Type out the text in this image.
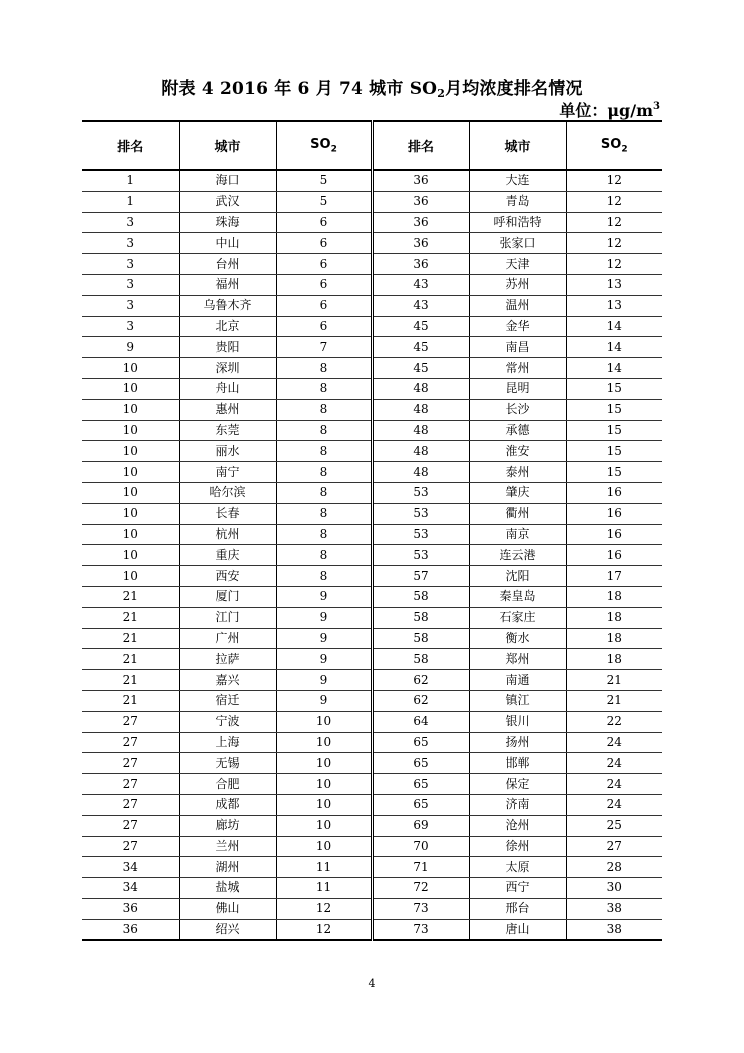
附表 4 2016 年 6 月 74 城市 $SO_2$月均浓度排名情况
单位：$\mu g/m^3$
排名	城市	$SO_2$	排名	城市	$SO_2$
1	海口	5	36	大连	12
1	武汉	5	36	青岛	12
3	珠海	6	36	呼和浩特	12
3	中山	6	36	张家口	12
3	台州	6	36	天津	12
3	福州	6	43	苏州	13
3	乌鲁木齐	6	43	温州	13
3	北京	6	45	金华	14
9	贵阳	7	45	南昌	14
10	深圳	8	45	常州	14
10	舟山	8	48	昆明	15
10	惠州	8	48	长沙	15
10	东莞	8	48	承德	15
10	丽水	8	48	淮安	15
10	南宁	8	48	泰州	15
10	哈尔滨	8	53	肇庆	16
10	长春	8	53	衢州	16
10	杭州	8	53	南京	16
10	重庆	8	53	连云港	16
10	西安	8	57	沈阳	17
21	厦门	9	58	秦皇岛	18
21	江门	9	58	石家庄	18
21	广州	9	58	衡水	18
21	拉萨	9	58	郑州	18
21	嘉兴	9	62	南通	21
21	宿迁	9	62	镇江	21
27	宁波	10	64	银川	22
27	上海	10	65	扬州	24
27	无锡	10	65	邯郸	24
27	合肥	10	65	保定	24
27	成都	10	65	济南	24
27	廊坊	10	69	沧州	25
27	兰州	10	70	徐州	27
34	湖州	11	71	太原	28
34	盐城	11	72	西宁	30
36	佛山	12	73	邢台	38
36	绍兴	12	73	唐山	38
4
